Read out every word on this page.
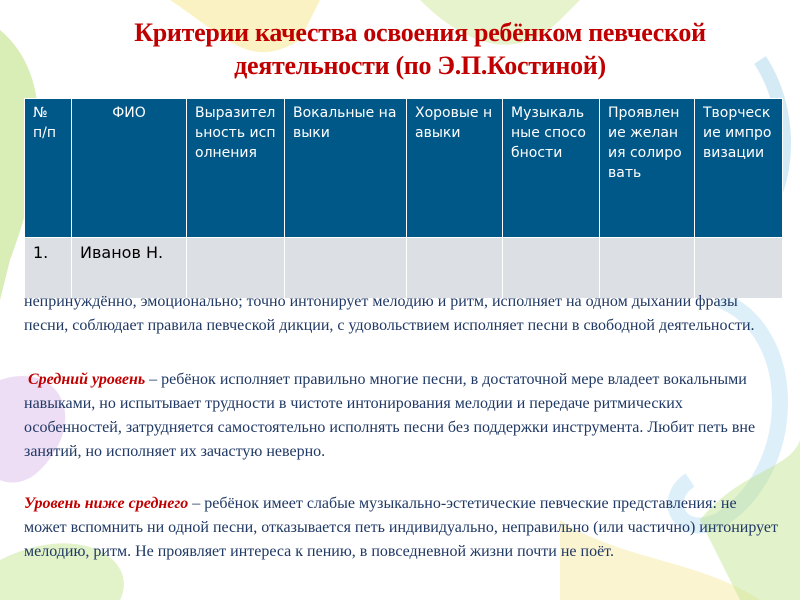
Критерии качества освоения ребёнком певческой
деятельности (по Э.П.Костиной)
№ п/п	ФИО	Выразительность исполнения	Вокальные навыки	Хоровые навыки	Музыкальные способности	Проявление желания солировать	Творческие импровизации
1.	Иванов Н.						
непринуждённо, эмоционально; точно интонирует мелодию и ритм, исполняет на одном дыхании фразы песни, соблюдает правила певческой дикции, с удовольствием исполняет песни в свободной деятельности.
Средний уровень – ребёнок исполняет правильно многие песни, в достаточной мере владеет вокальными навыками, но испытывает трудности в чистоте интонирования мелодии и передаче ритмических особенностей, затрудняется самостоятельно исполнять песни без поддержки инструмента. Любит петь вне занятий, но исполняет их зачастую неверно.
Уровень ниже среднего – ребёнок имеет слабые музыкально-эстетические певческие представления: не может вспомнить ни одной песни, отказывается петь индивидуально, неправильно (или частично) интонирует мелодию, ритм. Не проявляет интереса к пению, в повседневной жизни почти не поёт.
